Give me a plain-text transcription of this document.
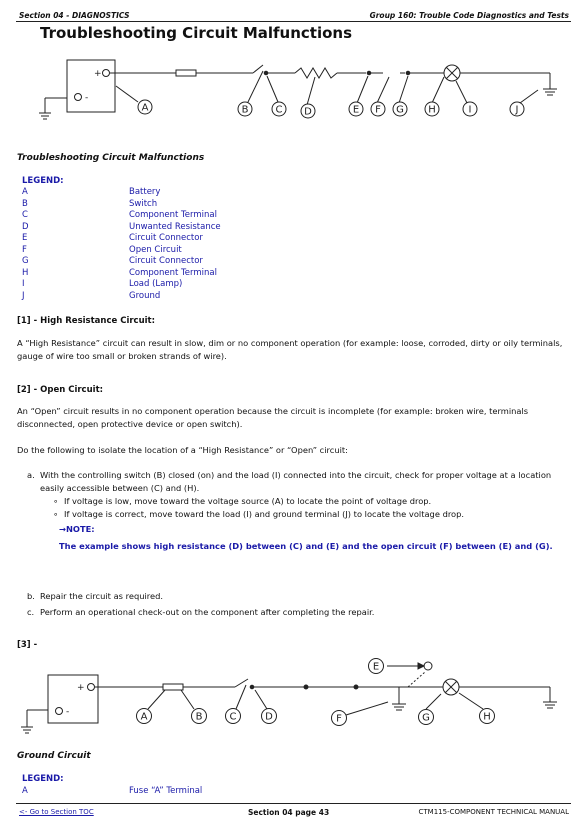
Section 04 - DIAGNOSTICS	Group 160: Trouble Code Diagnostics and Tests
Troubleshooting Circuit Malfunctions
+
-
A	B	C D	E F G H	I	J
Troubleshooting Circuit Malfunctions
LEGEND:
A	Battery
B	Switch
C	Component Terminal
D	Unwanted Resistance
E	Circuit Connector
F	Open Circuit
G	Circuit Connector
H	Component Terminal
I	Load (Lamp)
J	Ground
[1] - High Resistance Circuit:
A “High Resistance” circuit can result in slow, dim or no component operation (for example: loose, corroded, dirty or oily terminals, gauge of wire too small or broken strands of wire).
[2] - Open Circuit:
An “Open” circuit results in no component operation because the circuit is incomplete (for example: broken wire, terminals disconnected, open protective device or open switch).
Do the following to isolate the location of a “High Resistance” or “Open” circuit:
a. With the controlling switch (B) closed (on) and the load (I) connected into the circuit, check for proper voltage at a location easily accessible between (C) and (H).
∘ If voltage is low, move toward the voltage source (A) to locate the point of voltage drop.
∘ If voltage is correct, move toward the load (I) and ground terminal (J) to locate the voltage drop.
→NOTE:
The example shows high resistance (D) between (C) and (E) and the open circuit (F) between (E) and (G).
b. Repair the circuit as required.
c. Perform an operational check-out on the component after completing the repair.
[3] -
+
-	A	B	C	D
E
F	G	H
Ground Circuit
LEGEND:
A	Fuse “A” Terminal
<- Go to Section TOC	Section 04 page 43	CTM115-COMPONENT TECHNICAL MANUAL
